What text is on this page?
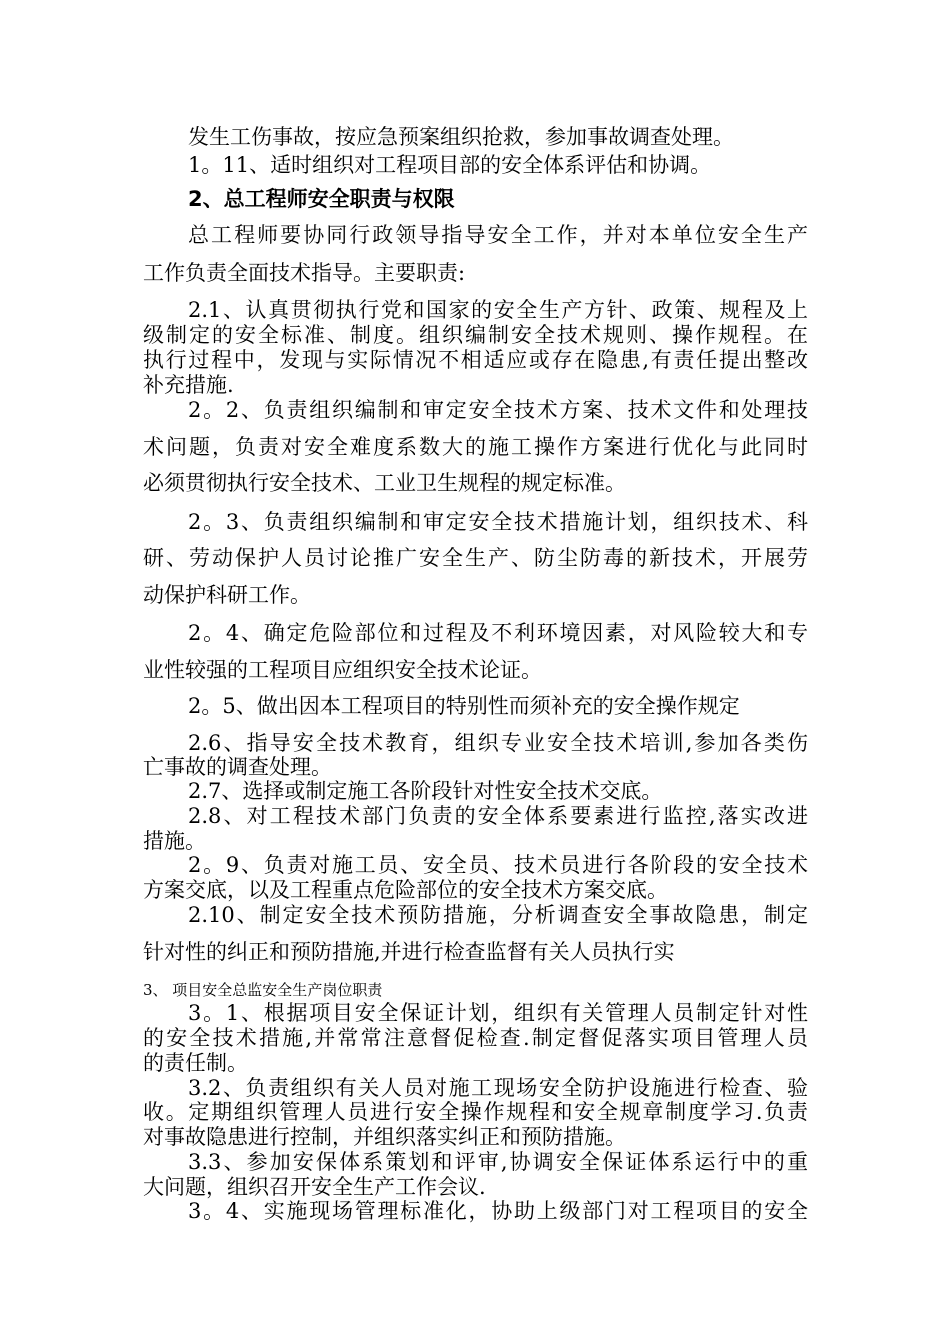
发生工伤事故，按应急预案组织抢救，参加事故调查处理。
1。11、适时组织对工程项目部的安全体系评估和协调。
2、总工程师安全职责与权限
总工程师要协同行政领导指导安全工作，并对本单位安全生产
工作负责全面技术指导。主要职责:
2.1、认真贯彻执行党和国家的安全生产方针、政策、规程及上
级制定的安全标准、制度。组织编制安全技术规则、操作规程。在
执行过程中，发现与实际情况不相适应或存在隐患,有责任提出整改
补充措施.
2。2、负责组织编制和审定安全技术方案、技术文件和处理技
术问题，负责对安全难度系数大的施工操作方案进行优化与此同时
必须贯彻执行安全技术、工业卫生规程的规定标准。
2。3、负责组织编制和审定安全技术措施计划，组织技术、科
研、劳动保护人员讨论推广安全生产、防尘防毒的新技术，开展劳
动保护科研工作。
2。4、确定危险部位和过程及不利环境因素，对风险较大和专
业性较强的工程项目应组织安全技术论证。
2。5、做出因本工程项目的特别性而须补充的安全操作规定
2.6、指导安全技术教育，组织专业安全技术培训,参加各类伤
亡事故的调查处理。
2.7、选择或制定施工各阶段针对性安全技术交底。
2.8、对工程技术部门负责的安全体系要素进行监控,落实改进
措施。
2。9、负责对施工员、安全员、技术员进行各阶段的安全技术
方案交底，以及工程重点危险部位的安全技术方案交底。
2.10、制定安全技术预防措施，分析调查安全事故隐患，制定
针对性的纠正和预防措施,并进行检查监督有关人员执行实
3、 项目安全总监安全生产岗位职责
3。1、根据项目安全保证计划，组织有关管理人员制定针对性
的安全技术措施,并常常注意督促检查.制定督促落实项目管理人员
的责任制。
3.2、负责组织有关人员对施工现场安全防护设施进行检查、验
收。定期组织管理人员进行安全操作规程和安全规章制度学习.负责
对事故隐患进行控制，并组织落实纠正和预防措施。
3.3、参加安保体系策划和评审,协调安全保证体系运行中的重
大问题，组织召开安全生产工作会议.
3。4、实施现场管理标准化，协助上级部门对工程项目的安全
